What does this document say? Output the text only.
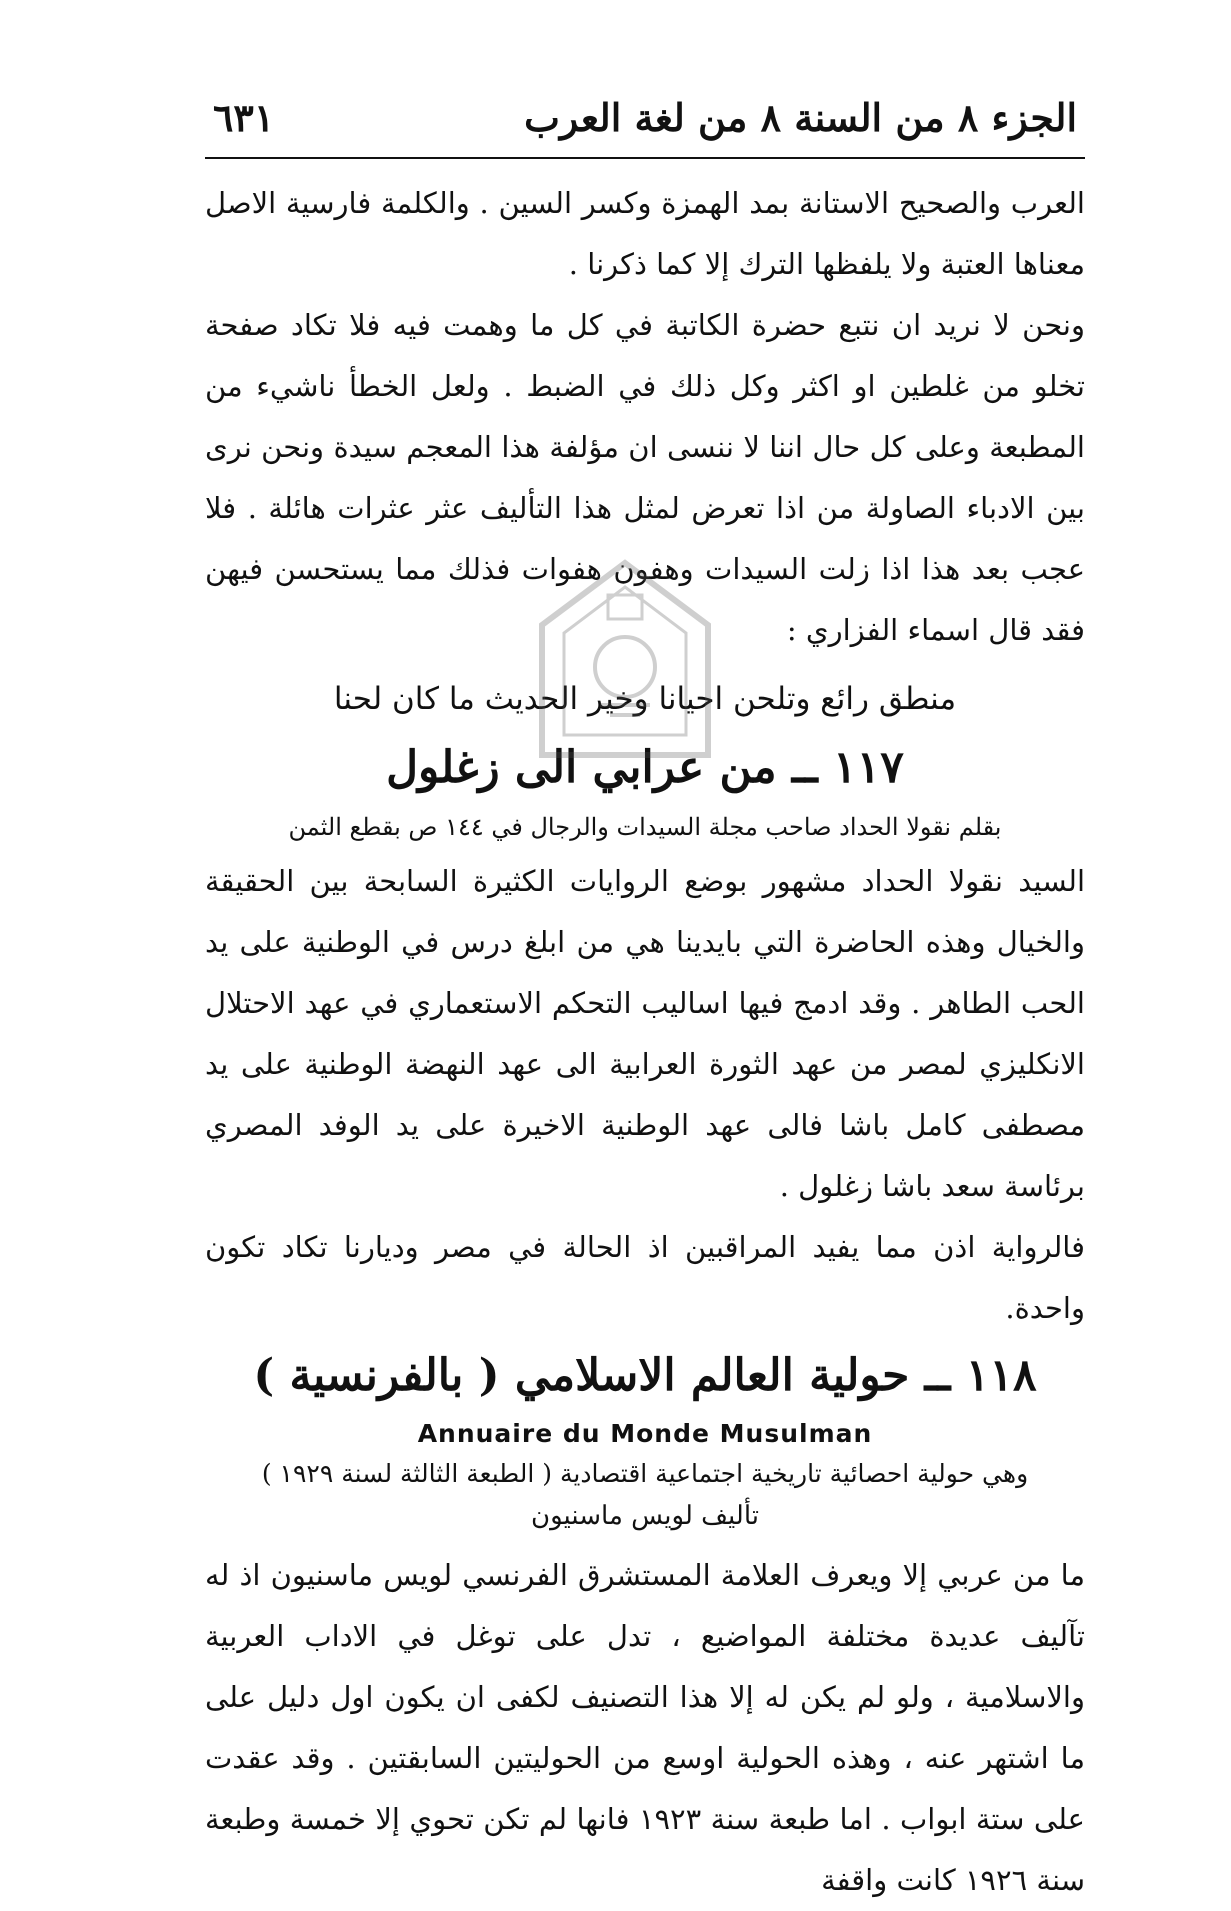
الجزء ٨ من السنة ٨ من لغة العرب
٦٣١

العرب والصحيح الاستانة بمد الهمزة وكسر السين . والكلمة فارسية الاصل معناها العتبة ولا يلفظها الترك إلا كما ذكرنا .

ونحن لا نريد ان نتبع حضرة الكاتبة في كل ما وهمت فيه فلا تكاد صفحة تخلو من غلطين او اكثر وكل ذلك في الضبط . ولعل الخطأ ناشيء من المطبعة وعلى كل حال اننا لا ننسى ان مؤلفة هذا المعجم سيدة ونحن نرى بين الادباء الصاولة من اذا تعرض لمثل هذا التأليف عثر عثرات هائلة . فلا عجب بعد هذا اذا زلت السيدات وهفون هفوات فذلك مما يستحسن فيهن فقد قال اسماء الفزاري :

منطق رائع وتلحن احيانا وخير الحديث ما كان لحنا

١١٧ ــ من عرابي الى زغلول
بقلم نقولا الحداد صاحب مجلة السيدات والرجال في ١٤٤ ص بقطع الثمن

السيد نقولا الحداد مشهور بوضع الروايات الكثيرة السابحة بين الحقيقة والخيال وهذه الحاضرة التي بايدينا هي من ابلغ درس في الوطنية على يد الحب الطاهر . وقد ادمج فيها اساليب التحكم الاستعماري في عهد الاحتلال الانكليزي لمصر من عهد الثورة العرابية الى عهد النهضة الوطنية على يد مصطفى كامل باشا فالى عهد الوطنية الاخيرة على يد الوفد المصري برئاسة سعد باشا زغلول .

فالرواية اذن مما يفيد المراقبين اذ الحالة في مصر وديارنا تكاد تكون واحدة.

١١٨ ــ حولية العالم الاسلامي ( بالفرنسية )

Annuaire du Monde Musulman

وهي حولية احصائية تاريخية اجتماعية اقتصادية ( الطبعة الثالثة لسنة ١٩٢٩ )

تأليف لويس ماسنيون

ما من عربي إلا ويعرف العلامة المستشرق الفرنسي لويس ماسنيون اذ له تآليف عديدة مختلفة المواضيع ، تدل على توغل في الاداب العربية والاسلامية ، ولو لم يكن له إلا هذا التصنيف لكفى ان يكون اول دليل على ما اشتهر عنه ، وهذه الحولية اوسع من الحوليتين السابقتين . وقد عقدت على ستة ابواب . اما طبعة سنة ١٩٢٣ فانها لم تكن تحوي إلا خمسة وطبعة سنة ١٩٢٦ كانت واقفة
